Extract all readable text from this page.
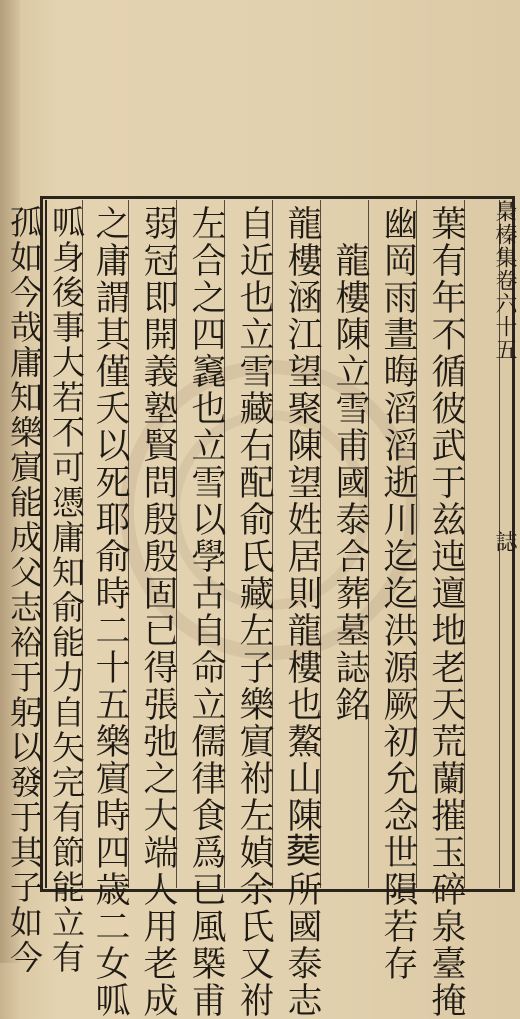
梟榛集卷六十五
誌
葉有年不循彼武于兹迍邅地老天荒蘭摧玉碎泉臺掩
幽岡雨晝晦滔滔逝川迄迄洪源厥初允念世隕若存
　龍樓陳立雪甫國泰合葬墓誌銘
龍樓涵江望聚陳望姓居則龍樓也鰲山陳𦵏所國泰志
自近也立雪藏右配俞氏藏左子樂賔祔左媜余氏又祔
左合之四竁也立雪以學古自命立儒律食爲已風槩甫
弱冠即開義塾賢問殷殷固已得張弛之大端人用老成
之庸謂其僅夭以死耶俞時二十五樂賔時四歳二女呱
呱身後事大若不可憑庸知俞能力自矢完有節能立有
孤如今哉庸知樂賔能成父志裕于躬以發于其子如今
